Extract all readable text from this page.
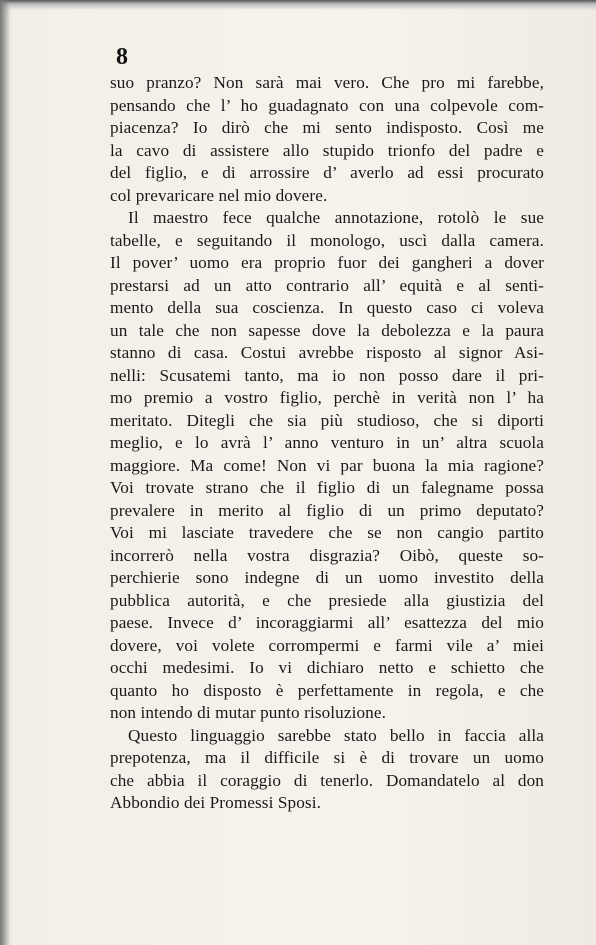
8
suo pranzo? Non sarà mai vero. Che pro mi farebbe,
pensando che l’ ho guadagnato con una colpevole com-
piacenza? Io dirò che mi sento indisposto. Così me
la cavo di assistere allo stupido trionfo del padre e
del figlio, e di arrossire d’ averlo ad essi procurato
col prevaricare nel mio dovere.
Il maestro fece qualche annotazione, rotolò le sue
tabelle, e seguitando il monologo, uscì dalla camera.
Il pover’ uomo era proprio fuor dei gangheri a dover
prestarsi ad un atto contrario all’ equità e al senti-
mento della sua coscienza. In questo caso ci voleva
un tale che non sapesse dove la debolezza e la paura
stanno di casa. Costui avrebbe risposto al signor Asi-
nelli: Scusatemi tanto, ma io non posso dare il pri-
mo premio a vostro figlio, perchè in verità non l’ ha
meritato. Ditegli che sia più studioso, che si diporti
meglio, e lo avrà l’ anno venturo in un’ altra scuola
maggiore. Ma come! Non vi par buona la mia ragione?
Voi trovate strano che il figlio di un falegname possa
prevalere in merito al figlio di un primo deputato?
Voi mi lasciate travedere che se non cangio partito
incorrerò nella vostra disgrazia? Oibò, queste so-
perchierie sono indegne di un uomo investito della
pubblica autorità, e che presiede alla giustizia del
paese. Invece d’ incoraggiarmi all’ esattezza del mio
dovere, voi volete corrompermi e farmi vile a’ miei
occhi medesimi. Io vi dichiaro netto e schietto che
quanto ho disposto è perfettamente in regola, e che
non intendo di mutar punto risoluzione.
Questo linguaggio sarebbe stato bello in faccia alla
prepotenza, ma il difficile si è di trovare un uomo
che abbia il coraggio di tenerlo. Domandatelo al don
Abbondio dei Promessi Sposi.
